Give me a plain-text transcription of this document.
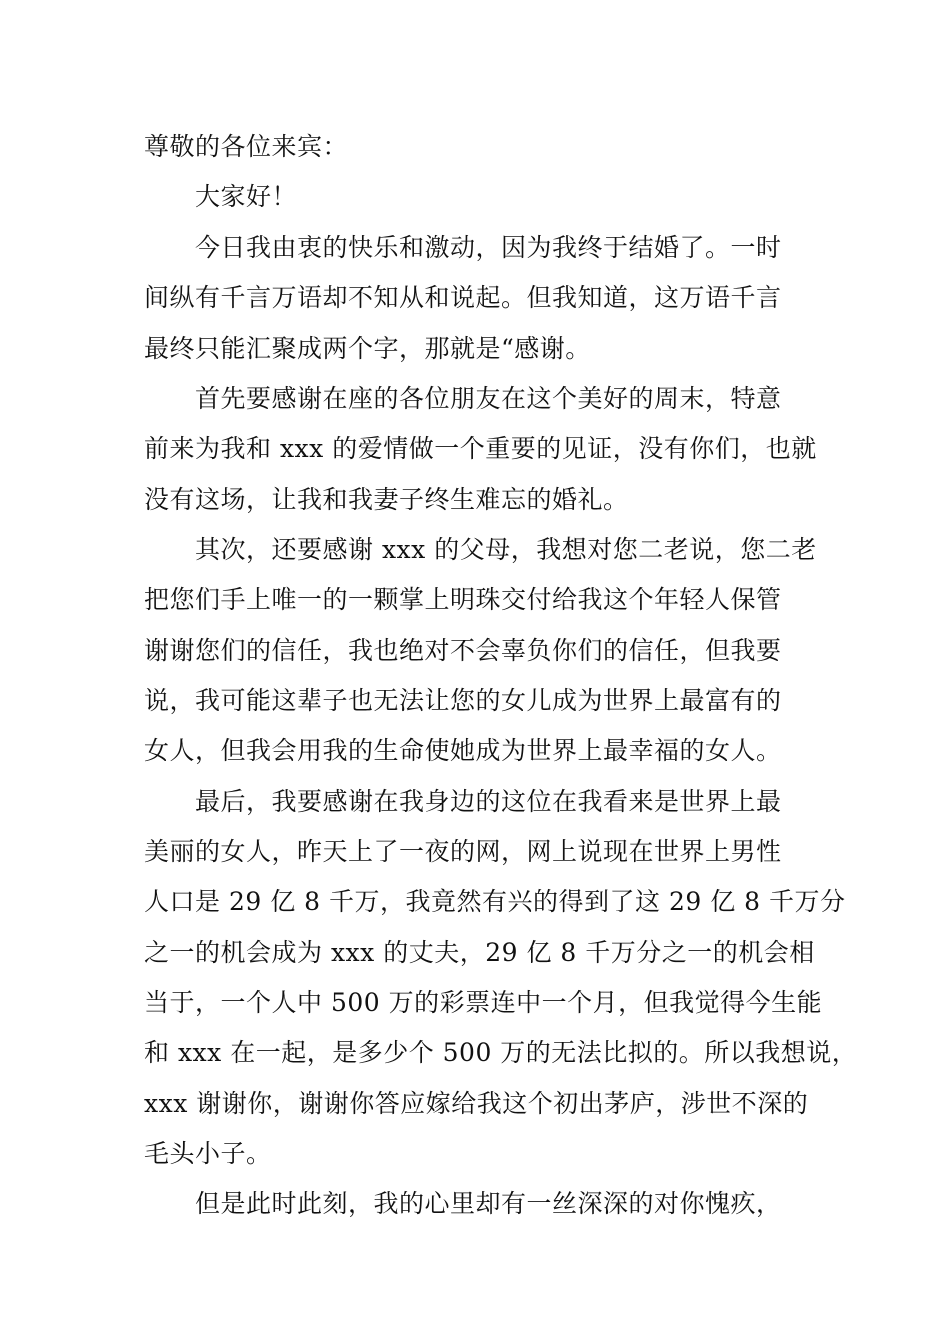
尊敬的各位来宾：
大家好！
今日我由衷的快乐和激动，因为我终于结婚了。一时
间纵有千言万语却不知从和说起。但我知道，这万语千言
最终只能汇聚成两个字，那就是“感谢。
首先要感谢在座的各位朋友在这个美好的周末，特意
前来为我和 xxx 的爱情做一个重要的见证，没有你们，也就
没有这场，让我和我妻子终生难忘的婚礼。
其次，还要感谢 xxx 的父母，我想对您二老说，您二老
把您们手上唯一的一颗掌上明珠交付给我这个年轻人保管
谢谢您们的信任，我也绝对不会辜负你们的信任，但我要
说，我可能这辈子也无法让您的女儿成为世界上最富有的
女人，但我会用我的生命使她成为世界上最幸福的女人。
最后，我要感谢在我身边的这位在我看来是世界上最
美丽的女人，昨天上了一夜的网，网上说现在世界上男性
人口是 29 亿 8 千万，我竟然有兴的得到了这 29 亿 8 千万分
之一的机会成为 xxx 的丈夫，29 亿 8 千万分之一的机会相
当于，一个人中 500 万的彩票连中一个月，但我觉得今生能
和 xxx 在一起，是多少个 500 万的无法比拟的。所以我想说，
xxx 谢谢你，谢谢你答应嫁给我这个初出茅庐，涉世不深的
毛头小子。
但是此时此刻，我的心里却有一丝深深的对你愧疚，
